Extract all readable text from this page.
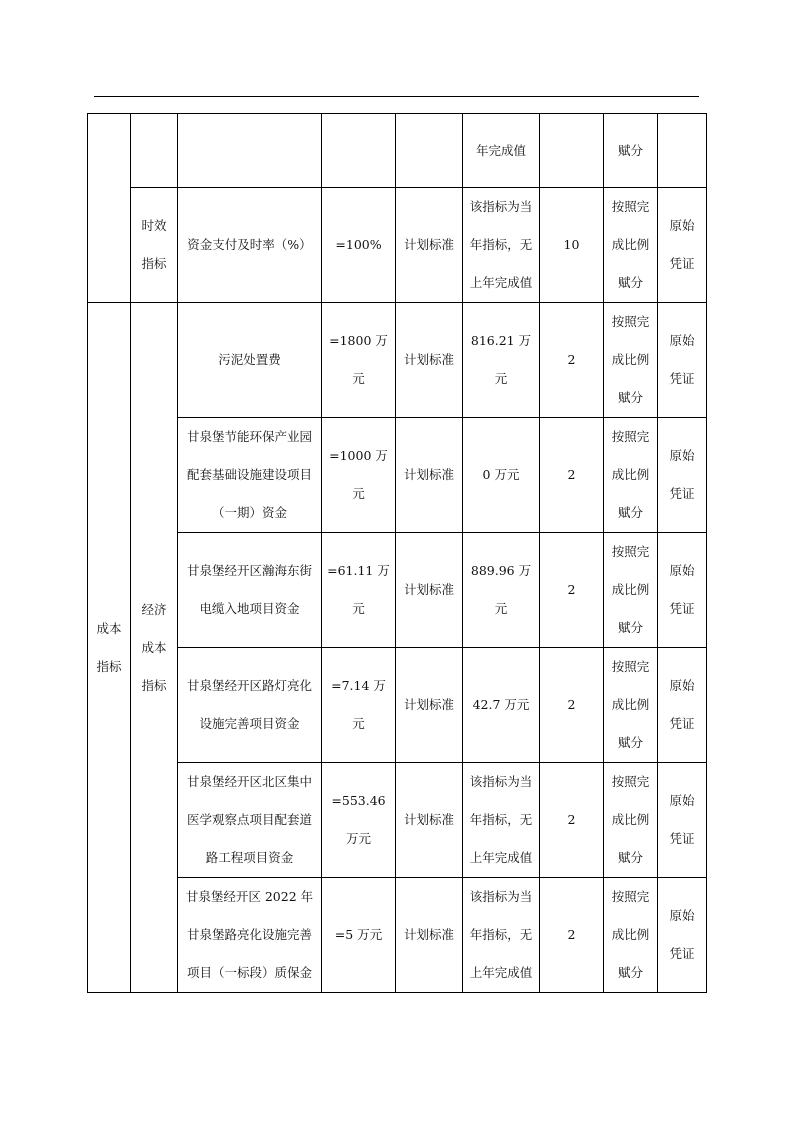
					年完成值		赋分	

	时效指标	资金支付及时率（%）	=100%	计划标准	该指标为当年指标，无上年完成值	10	按照完成比例赋分	原始凭证

成本指标	经济成本指标	污泥处置费	=1800 万元	计划标准	816.21 万元	2	按照完成比例赋分	原始凭证

		甘泉堡节能环保产业园配套基础设施建设项目（一期）资金	=1000 万元	计划标准	0 万元	2	按照完成比例赋分	原始凭证

		甘泉堡经开区瀚海东街电缆入地项目资金	=61.11 万元	计划标准	889.96 万元	2	按照完成比例赋分	原始凭证

		甘泉堡经开区路灯亮化设施完善项目资金	=7.14 万元	计划标准	42.7 万元	2	按照完成比例赋分	原始凭证

		甘泉堡经开区北区集中医学观察点项目配套道路工程项目资金	=553.46 万元	计划标准	该指标为当年指标，无上年完成值	2	按照完成比例赋分	原始凭证

		甘泉堡经开区 2022 年甘泉堡路亮化设施完善项目（一标段）质保金	=5 万元	计划标准	该指标为当年指标，无上年完成值	2	按照完成比例赋分	原始凭证
